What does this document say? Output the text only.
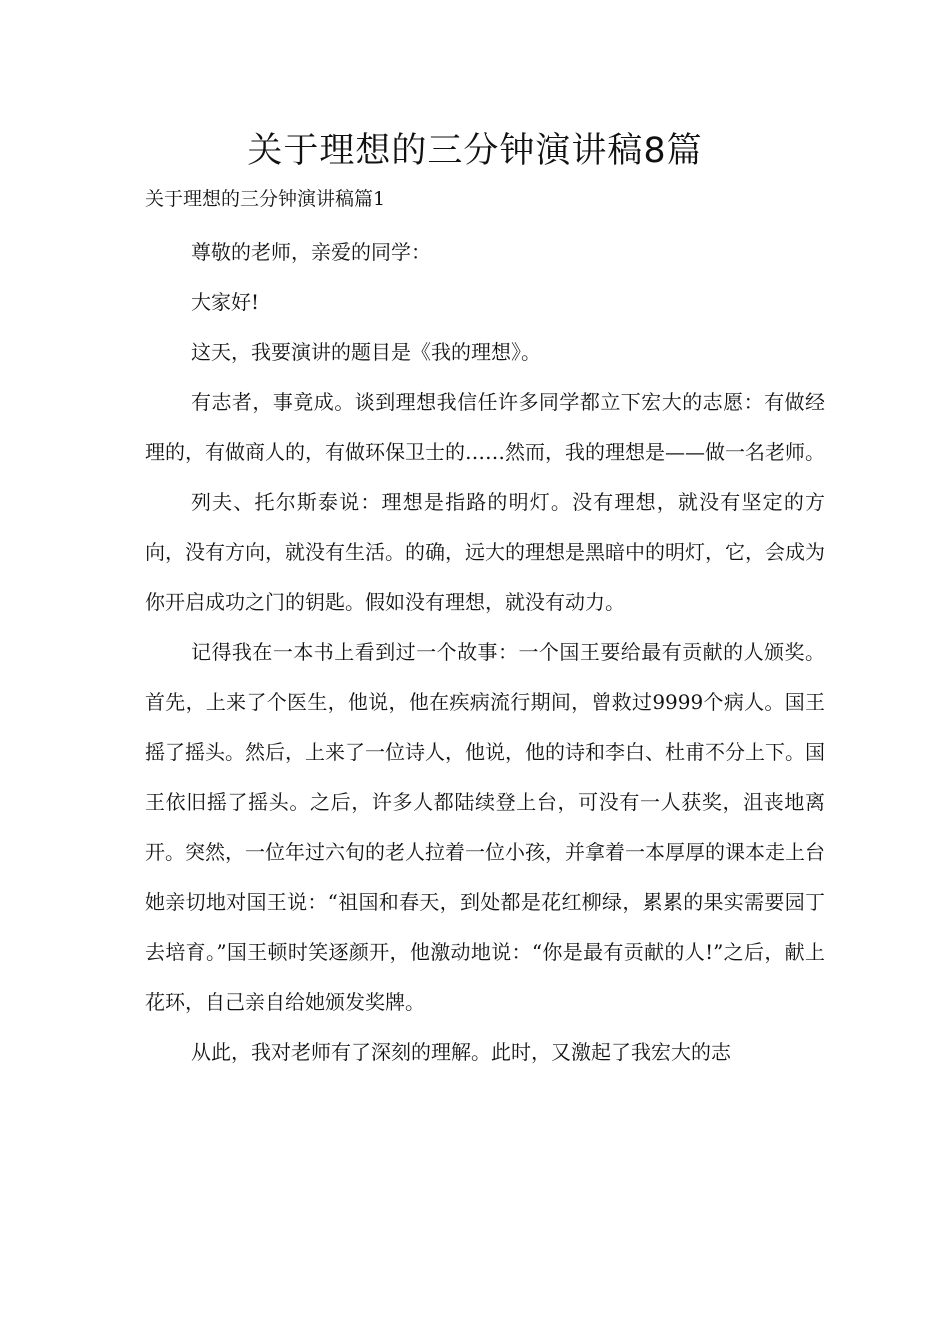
关于理想的三分钟演讲稿8篇

关于理想的三分钟演讲稿篇1

尊敬的老师，亲爱的同学：

大家好!

这天，我要演讲的题目是《我的理想》。

有志者，事竟成。谈到理想我信任许多同学都立下宏大的志愿：有做经理的，有做商人的，有做环保卫士的……然而，我的理想是——做一名老师。

列夫、托尔斯泰说：理想是指路的明灯。没有理想，就没有坚定的方向，没有方向，就没有生活。的确，远大的理想是黑暗中的明灯，它，会成为你开启成功之门的钥匙。假如没有理想，就没有动力。

记得我在一本书上看到过一个故事：一个国王要给最有贡献的人颁奖。首先，上来了个医生，他说，他在疾病流行期间，曾救过9999个病人。国王摇了摇头。然后，上来了一位诗人，他说，他的诗和李白、杜甫不分上下。国王依旧摇了摇头。之后，许多人都陆续登上台，可没有一人获奖，沮丧地离开。突然，一位年过六旬的老人拉着一位小孩，并拿着一本厚厚的课本走上台她亲切地对国王说：“祖国和春天，到处都是花红柳绿，累累的果实需要园丁去培育。”国王顿时笑逐颜开，他激动地说：“你是最有贡献的人!”之后，献上花环，自己亲自给她颁发奖牌。

从此，我对老师有了深刻的理解。此时，又激起了我宏大的志
